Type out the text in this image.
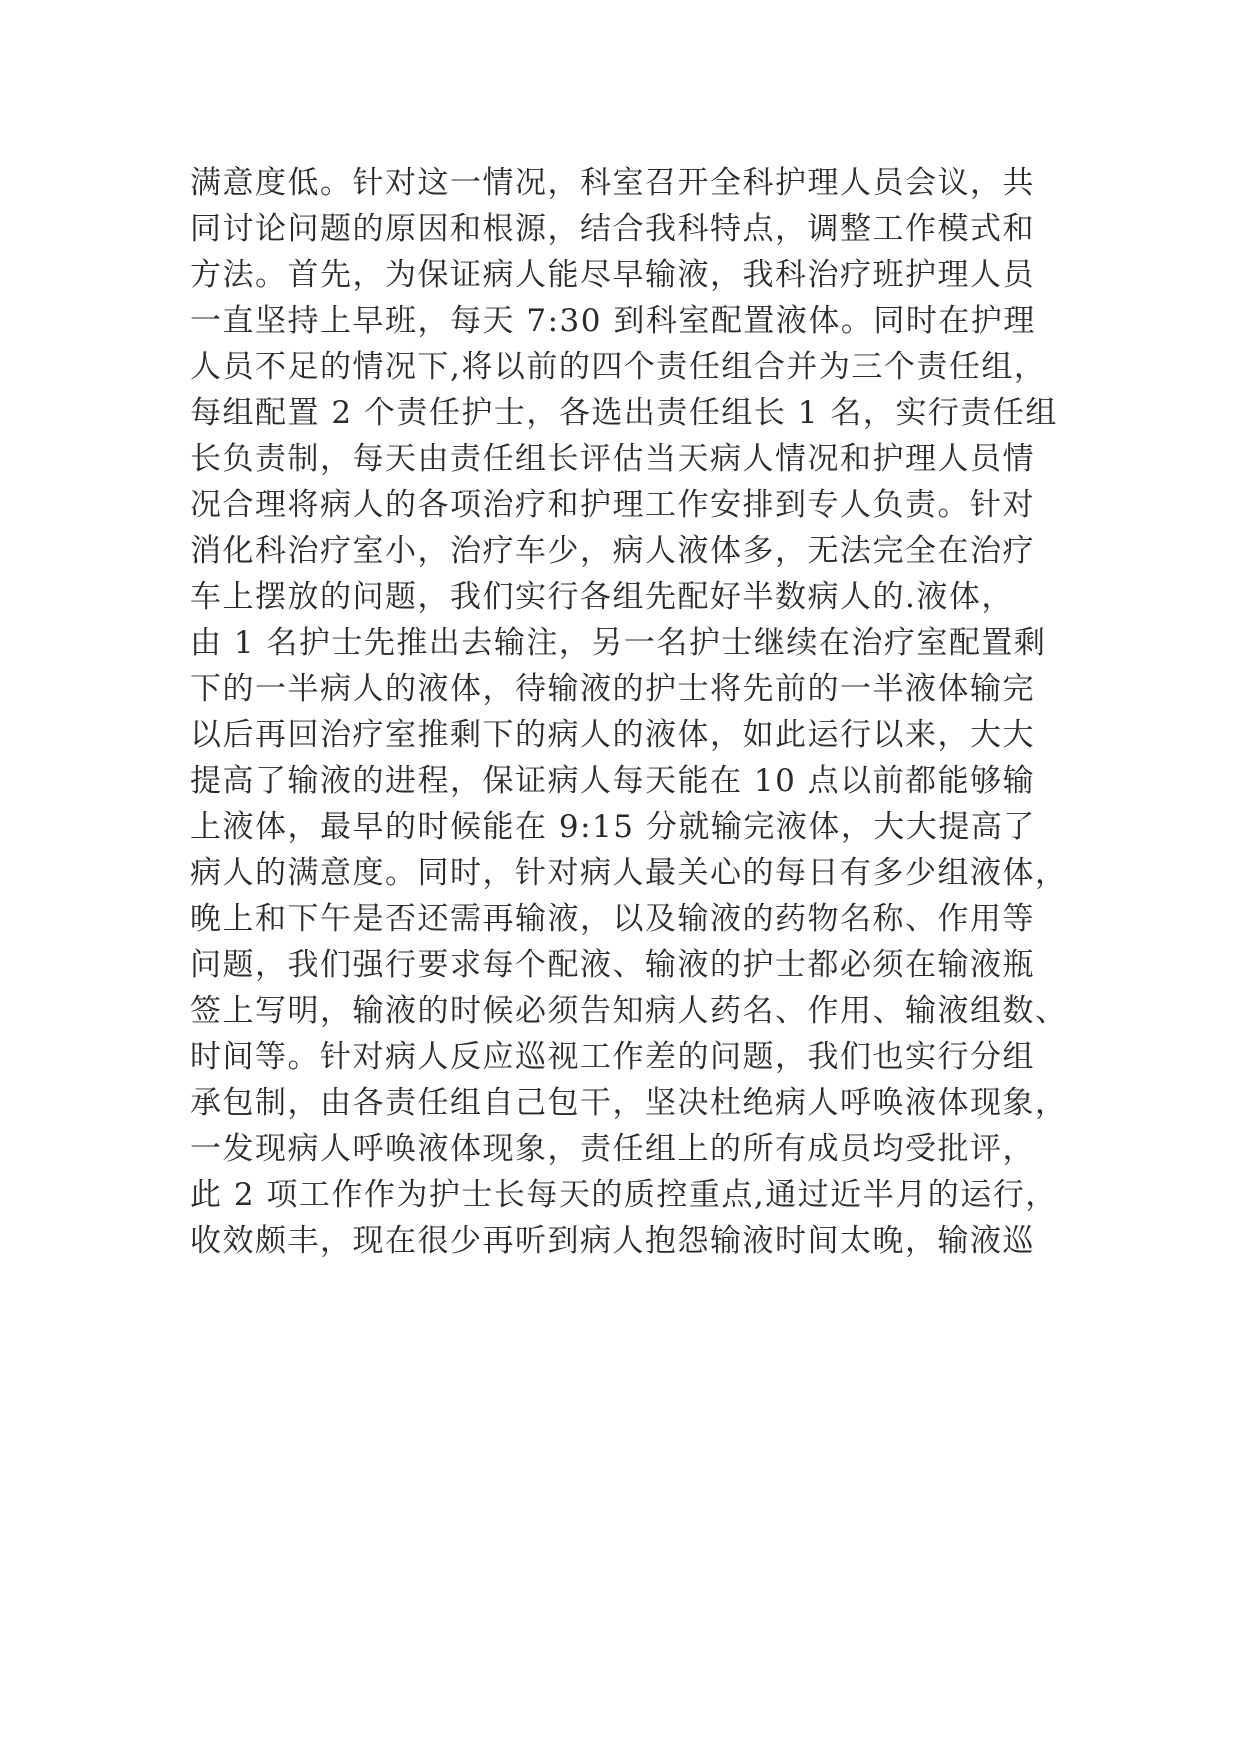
满意度低。针对这一情况，科室召开全科护理人员会议，共
同讨论问题的原因和根源，结合我科特点，调整工作模式和
方法。首先，为保证病人能尽早输液，我科治疗班护理人员
一直坚持上早班，每天 7:30 到科室配置液体。同时在护理
人员不足的情况下,将以前的四个责任组合并为三个责任组，
每组配置 2 个责任护士，各选出责任组长 1 名，实行责任组
长负责制，每天由责任组长评估当天病人情况和护理人员情
况合理将病人的各项治疗和护理工作安排到专人负责。针对
消化科治疗室小，治疗车少，病人液体多，无法完全在治疗
车上摆放的问题，我们实行各组先配好半数病人的.液体，
由 1 名护士先推出去输注，另一名护士继续在治疗室配置剩
下的一半病人的液体，待输液的护士将先前的一半液体输完
以后再回治疗室推剩下的病人的液体，如此运行以来，大大
提高了输液的进程，保证病人每天能在 10 点以前都能够输
上液体，最早的时候能在 9:15 分就输完液体，大大提高了
病人的满意度。同时，针对病人最关心的每日有多少组液体，
晚上和下午是否还需再输液，以及输液的药物名称、作用等
问题，我们强行要求每个配液、输液的护士都必须在输液瓶
签上写明，输液的时候必须告知病人药名、作用、输液组数、
时间等。针对病人反应巡视工作差的问题，我们也实行分组
承包制，由各责任组自己包干，坚决杜绝病人呼唤液体现象，
一发现病人呼唤液体现象，责任组上的所有成员均受批评，
此 2 项工作作为护士长每天的质控重点,通过近半月的运行，
收效颇丰，现在很少再听到病人抱怨输液时间太晚，输液巡
